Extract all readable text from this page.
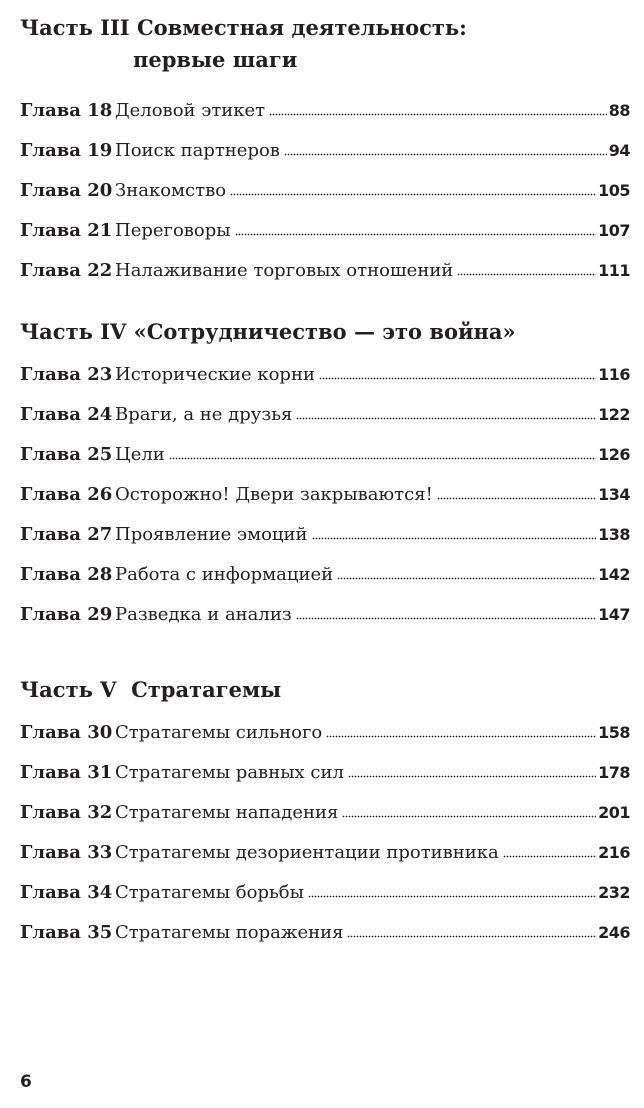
Часть III Совместная деятельность:
первые шаги
Глава 18 Деловой этикет	88
Глава 19 Поиск партнеров	94
Глава 20 Знакомство	105
Глава 21 Переговоры	107
Глава 22 Налаживание торговых отношений	111
Часть IV «Сотрудничество — это война»
Глава 23 Исторические корни	116
Глава 24 Враги, а не друзья	122
Глава 25 Цели	126
Глава 26 Осторожно! Двери закрываются!	134
Глава 27 Проявление эмоций	138
Глава 28 Работа с информацией	142
Глава 29 Разведка и анализ	147
Часть V Стратагемы
Глава 30 Стратагемы сильного	158
Глава 31 Стратагемы равных сил	178
Глава 32 Стратагемы нападения	201
Глава 33 Стратагемы дезориентации противника	216
Глава 34 Стратагемы борьбы	232
Глава 35 Стратагемы поражения	246
6
